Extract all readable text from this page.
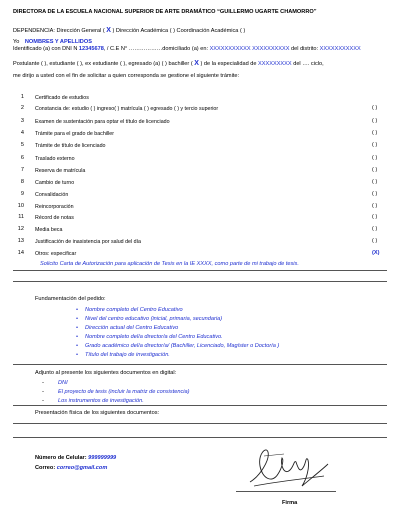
DIRECTORA DE LA ESCUELA NACIONAL SUPERIOR DE ARTE DRAMÁTICO “GUILLERMO UGARTE CHAMORRO”
DEPENDENCIA: Dirección General ( X ) Dirección Académica ( ) Coordinación Académica ( )
Yo NOMBRES Y APELLIDOS
Identificado (a) con DNI N 12345678, / C.E N° ………………domiciliado (a) en: XXXXXXXXXXX XXXXXXXXXX del distrito: XXXXXXXXXXX
Postulante ( ), estudiante ( ), ex estudiante ( ), egresado (a) ( ) bachiller ( X ) de la especialidad de XXXXXXXXX del …. ciclo,
me dirijo a usted con el fin de solicitar a quien corresponda se gestione el siguiente trámite:
1 Certificado de estudios
2 Constancia de: estudio ( ) ingreso( ) matrícula ( ) egresado ( ) y tercio superior	( )
3 Examen de sustentación para optar el título de licenciado	( )
4 Trámite para el grado de bachiller	( )
5 Trámite de título de licenciado	( )
6 Traslado externo	( )
7 Reserva de matrícula	( )
8 Cambio de turno	( )
9 Convalidación	( )
10 Reincorporación	( )
11 Récord de notas	( )
12 Media beca	( )
13 Justificación de inasistencia por salud del día	( )
14 Otros: especificar	(X)
Solicito Carta de Autorización para aplicación de Tesis en la IE XXXX, como parte de mi trabajo de tesis.
Fundamentación del pedido:
• Nombre completo del Centro Educativo
• Nivel del centro educativo (inicial, primaria, secundaria)
• Dirección actual del Centro Educativo
• Nombre completo del/a director/a del Centro Educativo.
• Grado académico del/a director/a/ (Bachiller, Licenciado, Magíster o Doctor/a )
• Título del trabajo de investigación.
Adjunto al presente los siguientes documentos en digital:
- DNI
- El proyecto de tesis (incluir la matriz de consistencia)
- Los instrumentos de investigación.
Presentación física de los siguientes documentos:
Número de Celular: 999999999
Correo: correo@gmail.com
Firma
